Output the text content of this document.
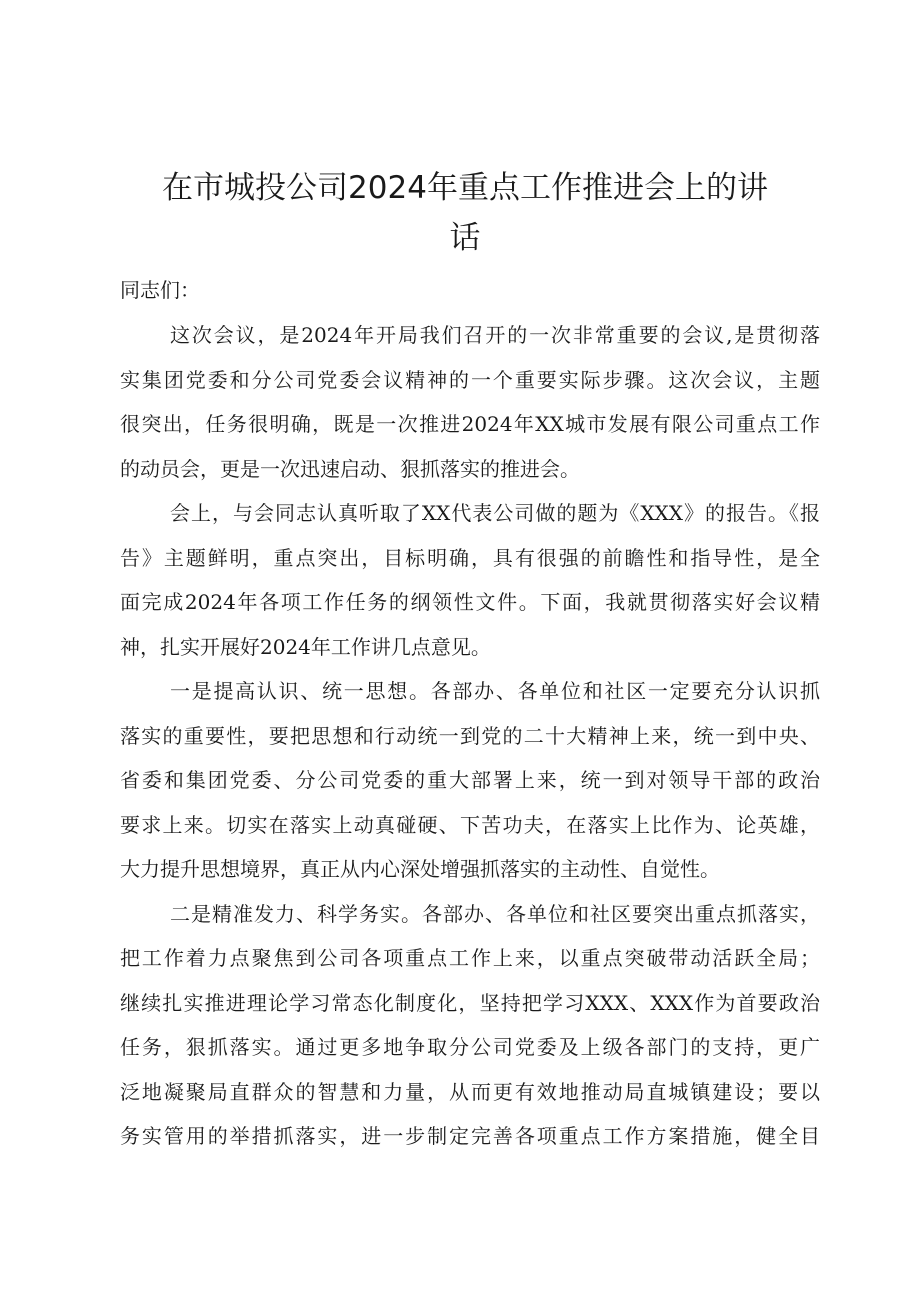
在市城投公司2024年重点工作推进会上的讲
话

同志们：

这次会议，是2024年开局我们召开的一次非常重要的会议,是贯彻落
实集团党委和分公司党委会议精神的一个重要实际步骤。这次会议，主题
很突出，任务很明确，既是一次推进2024年XX城市发展有限公司重点工作
的动员会，更是一次迅速启动、狠抓落实的推进会。

会上，与会同志认真听取了XX代表公司做的题为《XXX》的报告。《报
告》主题鲜明，重点突出，目标明确，具有很强的前瞻性和指导性，是全
面完成2024年各项工作任务的纲领性文件。下面，我就贯彻落实好会议精
神，扎实开展好2024年工作讲几点意见。

一是提高认识、统一思想。各部办、各单位和社区一定要充分认识抓
落实的重要性，要把思想和行动统一到党的二十大精神上来，统一到中央、
省委和集团党委、分公司党委的重大部署上来，统一到对领导干部的政治
要求上来。切实在落实上动真碰硬、下苦功夫，在落实上比作为、论英雄，
大力提升思想境界，真正从内心深处增强抓落实的主动性、自觉性。

二是精准发力、科学务实。各部办、各单位和社区要突出重点抓落实，
把工作着力点聚焦到公司各项重点工作上来，以重点突破带动活跃全局；
继续扎实推进理论学习常态化制度化，坚持把学习XXX、XXX作为首要政治
任务，狠抓落实。通过更多地争取分公司党委及上级各部门的支持，更广
泛地凝聚局直群众的智慧和力量，从而更有效地推动局直城镇建设；要以
务实管用的举措抓落实，进一步制定完善各项重点工作方案措施，健全目
